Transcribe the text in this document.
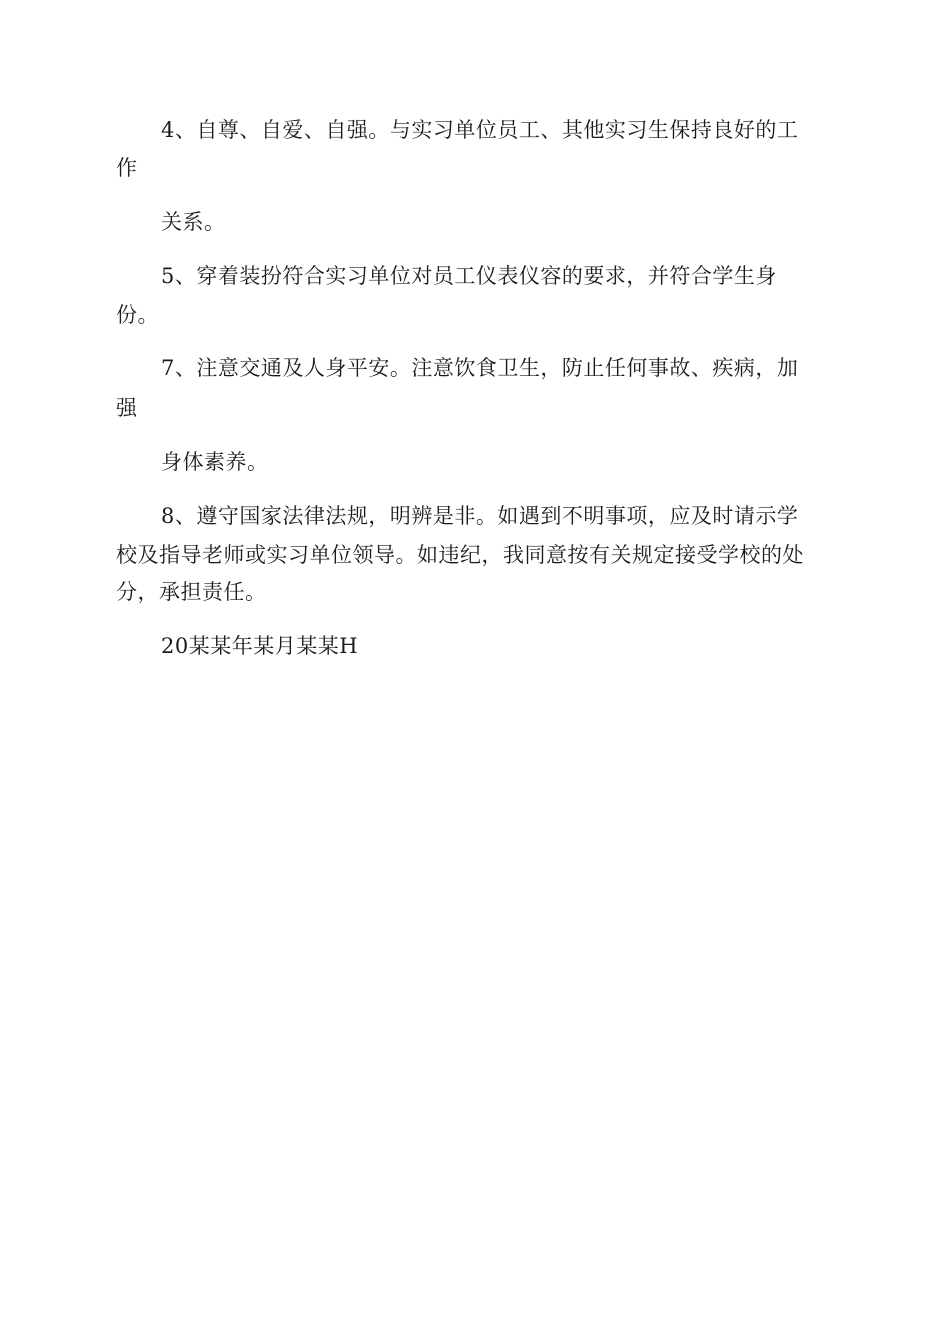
4、自尊、自爱、自强。与实习单位员工、其他实习生保持良好的工
作
关系。
5、穿着装扮符合实习单位对员工仪表仪容的要求，并符合学生身
份。
7、注意交通及人身平安。注意饮食卫生，防止任何事故、疾病，加
强
身体素养。
8、遵守国家法律法规，明辨是非。如遇到不明事项，应及时请示学
校及指导老师或实习单位领导。如违纪，我同意按有关规定接受学校的处
分，承担责任。
20某某年某月某某H
